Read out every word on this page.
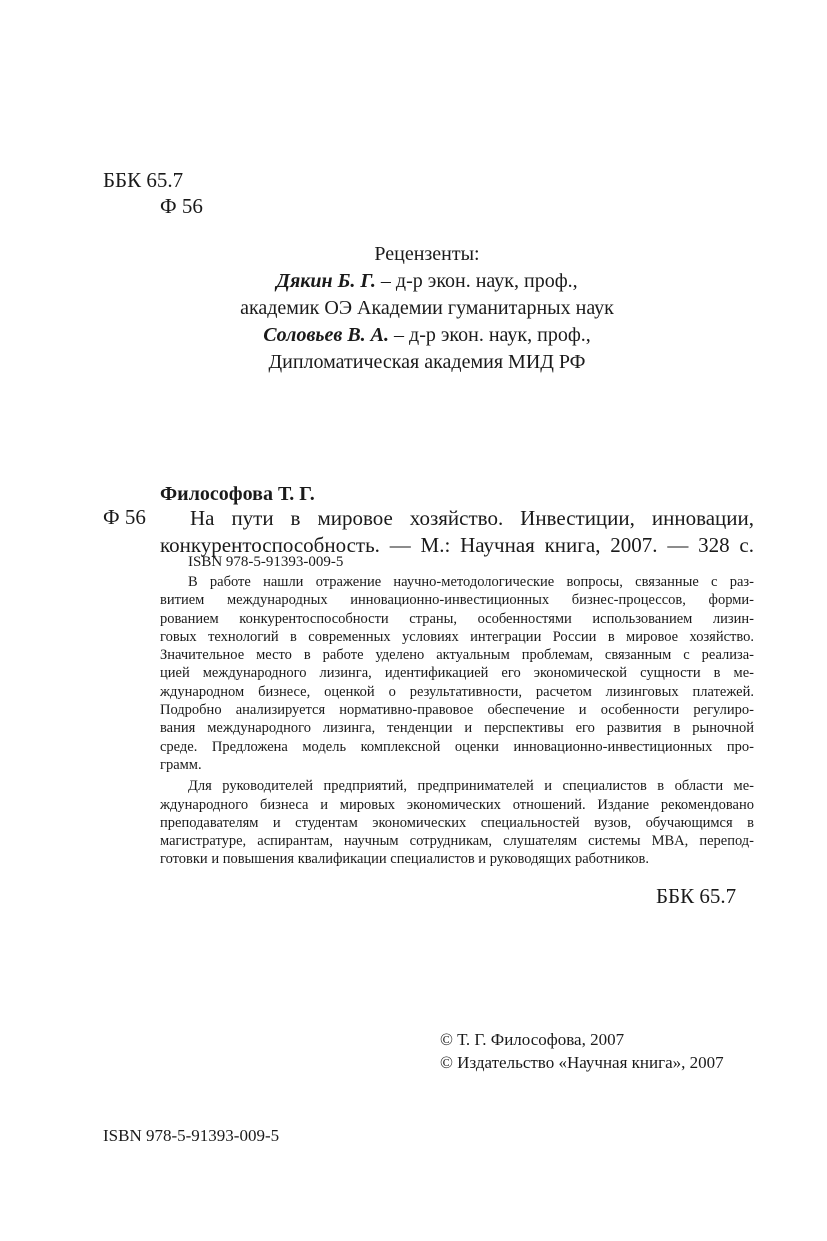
ББК 65.7
Ф 56
Рецензенты:
Дякин Б. Г. – д-р экон. наук, проф.,
академик ОЭ Академии гуманитарных наук
Соловьев В. А. – д-р экон. наук, проф.,
Дипломатическая академия МИД РФ
Философова Т. Г.
Ф 56	На пути в мировое хозяйство. Инвестиции, инновации,
конкурентоспособность. — М.: Научная книга, 2007. — 328 с.
ISBN 978-5-91393-009-5
В работе нашли отражение научно-методологические вопросы, связанные с раз-
витием международных инновационно-инвестиционных бизнес-процессов, форми-
рованием конкурентоспособности страны, особенностями использованием лизин-
говых технологий в современных условиях интеграции России в мировое хозяйство.
Значительное место в работе уделено актуальным проблемам, связанным с реализа-
цией международного лизинга, идентификацией его экономической сущности в ме-
ждународном бизнесе, оценкой о результативности, расчетом лизинговых платежей.
Подробно анализируется нормативно-правовое обеспечение и особенности регулиро-
вания международного лизинга, тенденции и перспективы его развития в рыночной
среде. Предложена модель комплексной оценки инновационно-инвестиционных про-
грамм.
Для руководителей предприятий, предпринимателей и специалистов в области ме-
ждународного бизнеса и мировых экономических отношений. Издание рекомендовано
преподавателям и студентам экономических специальностей вузов, обучающимся в
магистратуре, аспирантам, научным сотрудникам, слушателям системы MBA, перепод-
готовки и повышения квалификации специалистов и руководящих работников.
ББК 65.7
© Т. Г. Философова, 2007
© Издательство «Научная книга», 2007
ISBN 978-5-91393-009-5
